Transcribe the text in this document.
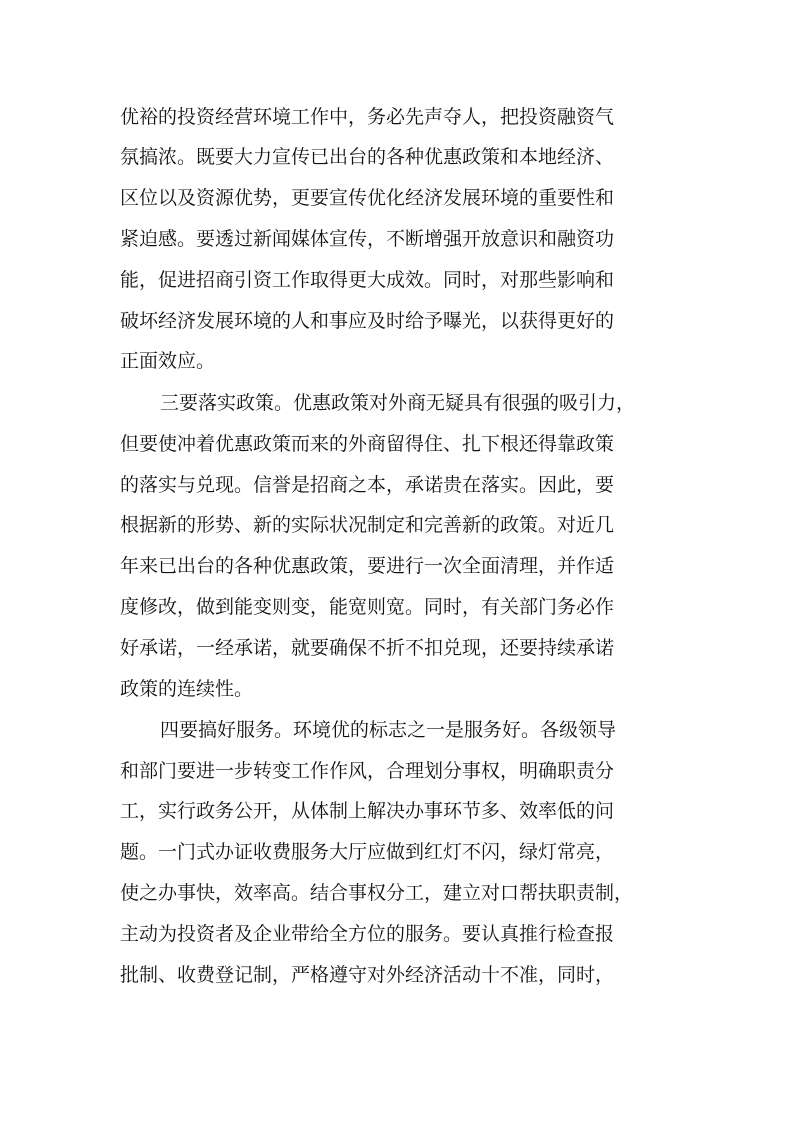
优裕的投资经营环境工作中，务必先声夺人，把投资融资气
氛搞浓。既要大力宣传已出台的各种优惠政策和本地经济、
区位以及资源优势，更要宣传优化经济发展环境的重要性和
紧迫感。要透过新闻媒体宣传，不断增强开放意识和融资功
能，促进招商引资工作取得更大成效。同时，对那些影响和
破坏经济发展环境的人和事应及时给予曝光，以获得更好的
正面效应。
三要落实政策。优惠政策对外商无疑具有很强的吸引力，
但要使冲着优惠政策而来的外商留得住、扎下根还得靠政策
的落实与兑现。信誉是招商之本，承诺贵在落实。因此，要
根据新的形势、新的实际状况制定和完善新的政策。对近几
年来已出台的各种优惠政策，要进行一次全面清理，并作适
度修改，做到能变则变，能宽则宽。同时，有关部门务必作
好承诺，一经承诺，就要确保不折不扣兑现，还要持续承诺
政策的连续性。
四要搞好服务。环境优的标志之一是服务好。各级领导
和部门要进一步转变工作作风，合理划分事权，明确职责分
工，实行政务公开，从体制上解决办事环节多、效率低的问
题。一门式办证收费服务大厅应做到红灯不闪，绿灯常亮，
使之办事快，效率高。结合事权分工，建立对口帮扶职责制，
主动为投资者及企业带给全方位的服务。要认真推行检查报
批制、收费登记制，严格遵守对外经济活动十不准，同时，
